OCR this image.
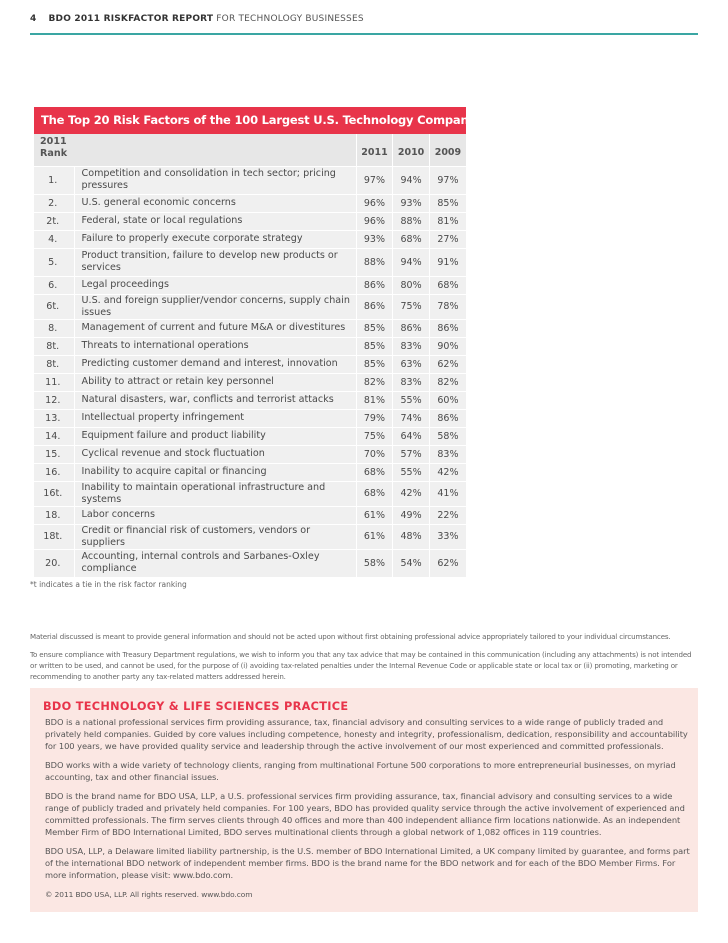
4 BDO 2011 RISKFACTOR REPORT FOR TECHNOLOGY BUSINESSES
The Top 20 Risk Factors of the 100 Largest U.S. Technology Companies
2011
Rank		2011	2010	2009
1.	Competition and consolidation in tech sector; pricing pressures	97%	94%	97%
2.	U.S. general economic concerns	96%	93%	85%
2t.	Federal, state or local regulations	96%	88%	81%
4.	Failure to properly execute corporate strategy	93%	68%	27%
5.	Product transition, failure to develop new products or services	88%	94%	91%
6.	Legal proceedings	86%	80%	68%
6t.	U.S. and foreign supplier/vendor concerns, supply chain issues	86%	75%	78%
8.	Management of current and future M&A or divestitures	85%	86%	86%
8t.	Threats to international operations	85%	83%	90%
8t.	Predicting customer demand and interest, innovation	85%	63%	62%
11.	Ability to attract or retain key personnel	82%	83%	82%
12.	Natural disasters, war, conflicts and terrorist attacks	81%	55%	60%
13.	Intellectual property infringement	79%	74%	86%
14.	Equipment failure and product liability	75%	64%	58%
15.	Cyclical revenue and stock fluctuation	70%	57%	83%
16.	Inability to acquire capital or financing	68%	55%	42%
16t.	Inability to maintain operational infrastructure and systems	68%	42%	41%
18.	Labor concerns	61%	49%	22%
18t.	Credit or financial risk of customers, vendors or suppliers	61%	48%	33%
20.	Accounting, internal controls and Sarbanes-Oxley compliance	58%	54%	62%
*t indicates a tie in the risk factor ranking
Material discussed is meant to provide general information and should not be acted upon without first obtaining professional advice appropriately tailored to your individual circumstances.
To ensure compliance with Treasury Department regulations, we wish to inform you that any tax advice that may be contained in this communication (including any attachments) is not intended or written to be used, and cannot be used, for the purpose of (i) avoiding tax-related penalties under the Internal Revenue Code or applicable state or local tax or (ii) promoting, marketing or recommending to another party any tax-related matters addressed herein.
BDO TECHNOLOGY & LIFE SCIENCES PRACTICE

BDO is a national professional services firm providing assurance, tax, financial advisory and consulting services to a wide range of publicly traded and privately held companies. Guided by core values including competence, honesty and integrity, professionalism, dedication, responsibility and accountability for 100 years, we have provided quality service and leadership through the active involvement of our most experienced and committed professionals.

BDO works with a wide variety of technology clients, ranging from multinational Fortune 500 corporations to more entrepreneurial businesses, on myriad accounting, tax and other financial issues.

BDO is the brand name for BDO USA, LLP, a U.S. professional services firm providing assurance, tax, financial advisory and consulting services to a wide range of publicly traded and privately held companies. For 100 years, BDO has provided quality service through the active involvement of experienced and committed professionals. The firm serves clients through 40 offices and more than 400 independent alliance firm locations nationwide. As an independent Member Firm of BDO International Limited, BDO serves multinational clients through a global network of 1,082 offices in 119 countries.

BDO USA, LLP, a Delaware limited liability partnership, is the U.S. member of BDO International Limited, a UK company limited by guarantee, and forms part of the international BDO network of independent member firms. BDO is the brand name for the BDO network and for each of the BDO Member Firms. For more information, please visit: www.bdo.com.

© 2011 BDO USA, LLP. All rights reserved. www.bdo.com
